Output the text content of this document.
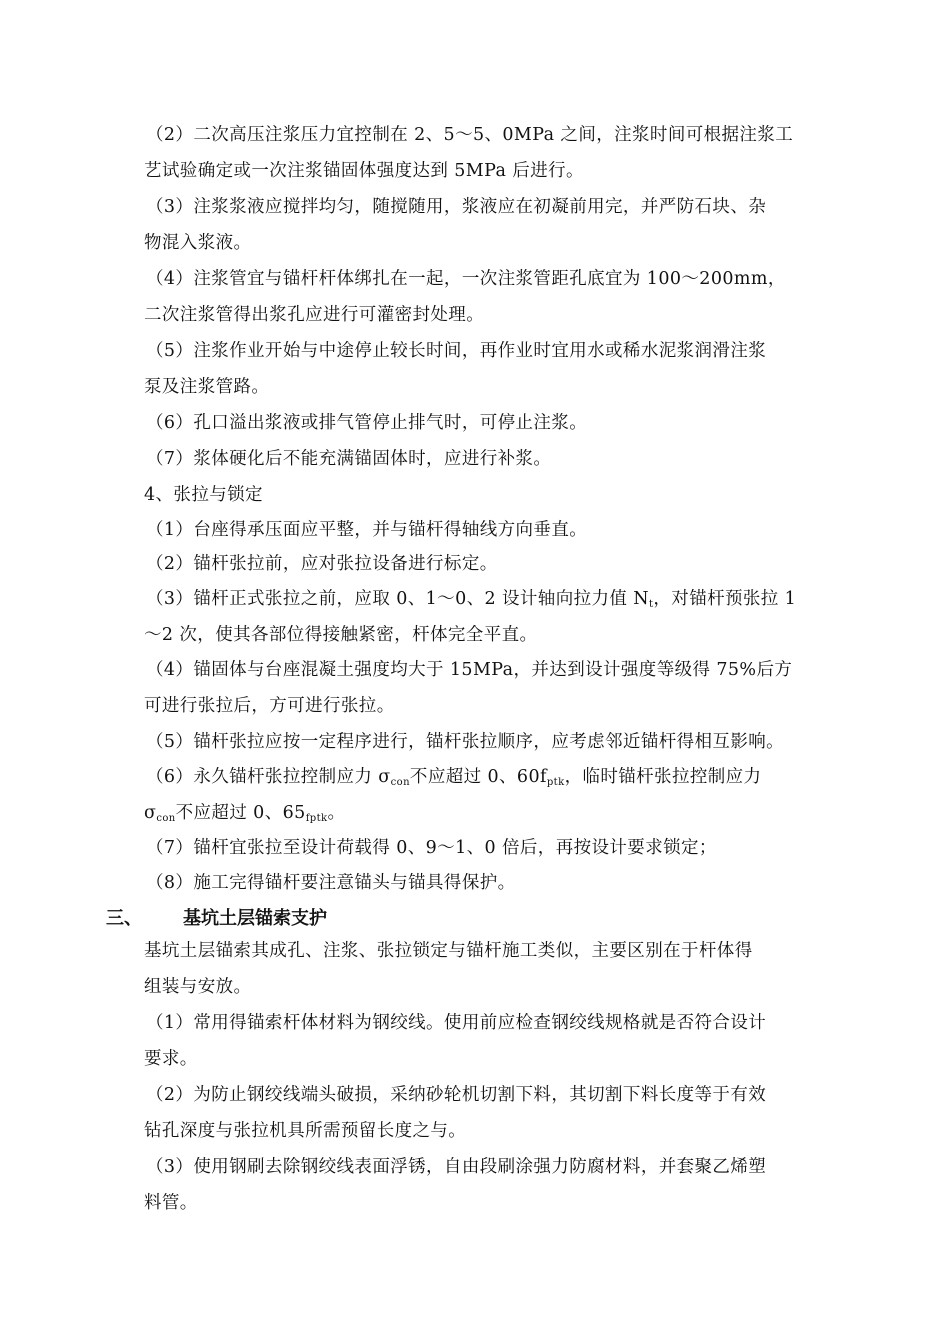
（2）二次高压注浆压力宜控制在 2、5～5、0MPa 之间，注浆时间可根据注浆工
艺试验确定或一次注浆锚固体强度达到 5MPa 后进行。
（3）注浆浆液应搅拌均匀，随搅随用，浆液应在初凝前用完，并严防石块、杂
物混入浆液。
（4）注浆管宜与锚杆杆体绑扎在一起，一次注浆管距孔底宜为 100～200mm，
二次注浆管得出浆孔应进行可灌密封处理。
（5）注浆作业开始与中途停止较长时间，再作业时宜用水或稀水泥浆润滑注浆
泵及注浆管路。
（6）孔口溢出浆液或排气管停止排气时，可停止注浆。
（7）浆体硬化后不能充满锚固体时，应进行补浆。
4、张拉与锁定
（1）台座得承压面应平整，并与锚杆得轴线方向垂直。
（2）锚杆张拉前，应对张拉设备进行标定。
（3）锚杆正式张拉之前，应取 0、1～0、2 设计轴向拉力值 $N_t$，对锚杆预张拉 1
～2 次，使其各部位得接触紧密，杆体完全平直。
（4）锚固体与台座混凝土强度均大于 15MPa，并达到设计强度等级得 75%后方
可进行张拉后，方可进行张拉。
（5）锚杆张拉应按一定程序进行，锚杆张拉顺序，应考虑邻近锚杆得相互影响。
（6）永久锚杆张拉控制应力 $\sigma_{con}$不应超过 0、$60f_{ptk}$，临时锚杆张拉控制应力
$\sigma_{con}$不应超过 0、$65_{fptk}$。
（7）锚杆宜张拉至设计荷载得 0、9～1、0 倍后，再按设计要求锁定；
（8）施工完得锚杆要注意锚头与锚具得保护。
三、 基坑土层锚索支护
基坑土层锚索其成孔、注浆、张拉锁定与锚杆施工类似，主要区别在于杆体得
组装与安放。
（1）常用得锚索杆体材料为钢绞线。使用前应检查钢绞线规格就是否符合设计
要求。
（2）为防止钢绞线端头破损，采纳砂轮机切割下料，其切割下料长度等于有效
钻孔深度与张拉机具所需预留长度之与。
（3）使用钢刷去除钢绞线表面浮锈，自由段刷涂强力防腐材料，并套聚乙烯塑
料管。
